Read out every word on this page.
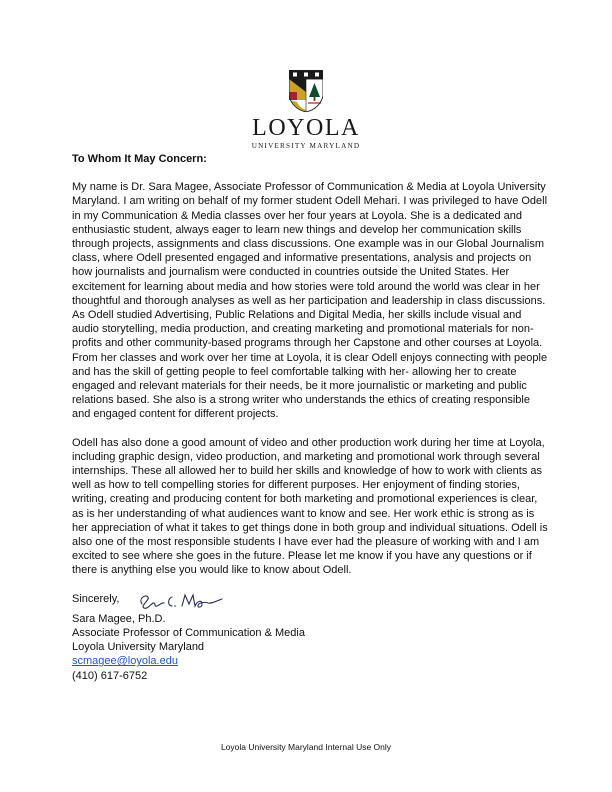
LOYOLA
UNIVERSITY MARYLAND
To Whom It May Concern:

My name is Dr. Sara Magee, Associate Professor of Communication & Media at Loyola University Maryland. I am writing on behalf of my former student Odell Mehari. I was privileged to have Odell in my Communication & Media classes over her four years at Loyola. She is a dedicated and enthusiastic student, always eager to learn new things and develop her communication skills through projects, assignments and class discussions. One example was in our Global Journalism class, where Odell presented engaged and informative presentations, analysis and projects on how journalists and journalism were conducted in countries outside the United States. Her excitement for learning about media and how stories were told around the world was clear in her thoughtful and thorough analyses as well as her participation and leadership in class discussions. As Odell studied Advertising, Public Relations and Digital Media, her skills include visual and audio storytelling, media production, and creating marketing and promotional materials for non-profits and other community-based programs through her Capstone and other courses at Loyola. From her classes and work over her time at Loyola, it is clear Odell enjoys connecting with people and has the skill of getting people to feel comfortable talking with her- allowing her to create engaged and relevant materials for their needs, be it more journalistic or marketing and public relations based. She also is a strong writer who understands the ethics of creating responsible and engaged content for different projects.

Odell has also done a good amount of video and other production work during her time at Loyola, including graphic design, video production, and marketing and promotional work through several internships. These all allowed her to build her skills and knowledge of how to work with clients as well as how to tell compelling stories for different purposes. Her enjoyment of finding stories, writing, creating and producing content for both marketing and promotional experiences is clear, as is her understanding of what audiences want to know and see. Her work ethic is strong as is her appreciation of what it takes to get things done in both group and individual situations. Odell is also one of the most responsible students I have ever had the pleasure of working with and I am excited to see where she goes in the future. Please let me know if you have any questions or if there is anything else you would like to know about Odell.

Sincerely,
Sara Magee, Ph.D.
Associate Professor of Communication & Media
Loyola University Maryland
scmagee@loyola.edu
(410) 617-6752
Loyola University Maryland Internal Use Only
